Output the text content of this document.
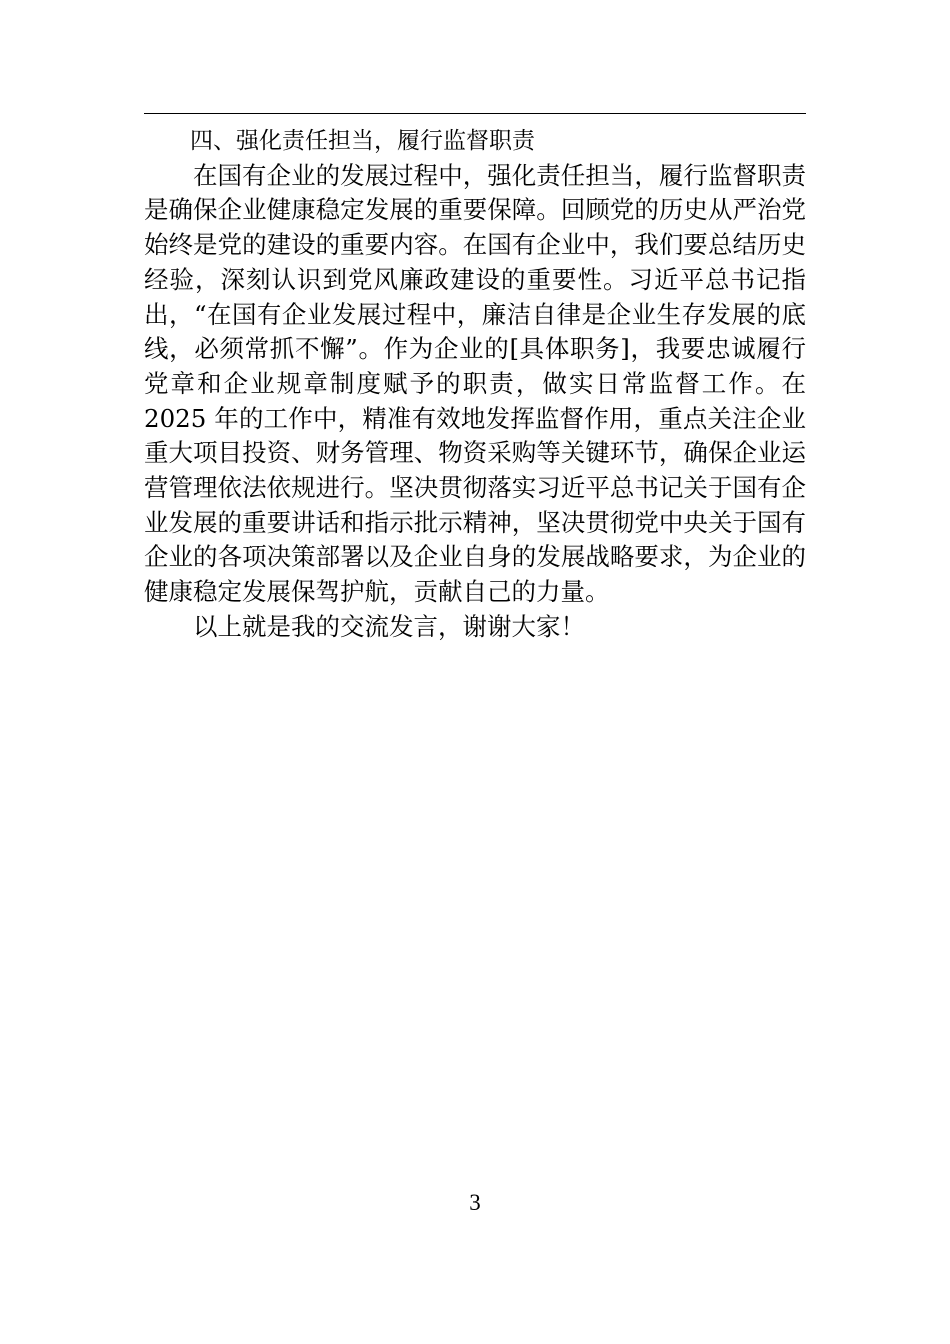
四、强化责任担当，履行监督职责

在国有企业的发展过程中，强化责任担当，履行监督职责是确保企业健康稳定发展的重要保障。回顾党的历史从严治党始终是党的建设的重要内容。在国有企业中，我们要总结历史经验，深刻认识到党风廉政建设的重要性。习近平总书记指出，“在国有企业发展过程中，廉洁自律是企业生存发展的底线，必须常抓不懈”。作为企业的[具体职务]，我要忠诚履行党章和企业规章制度赋予的职责，做实日常监督工作。在 2025 年的工作中，精准有效地发挥监督作用，重点关注企业重大项目投资、财务管理、物资采购等关键环节，确保企业运营管理依法依规进行。坚决贯彻落实习近平总书记关于国有企业发展的重要讲话和指示批示精神，坚决贯彻党中央关于国有企业的各项决策部署以及企业自身的发展战略要求，为企业的健康稳定发展保驾护航，贡献自己的力量。

以上就是我的交流发言，谢谢大家！

3
